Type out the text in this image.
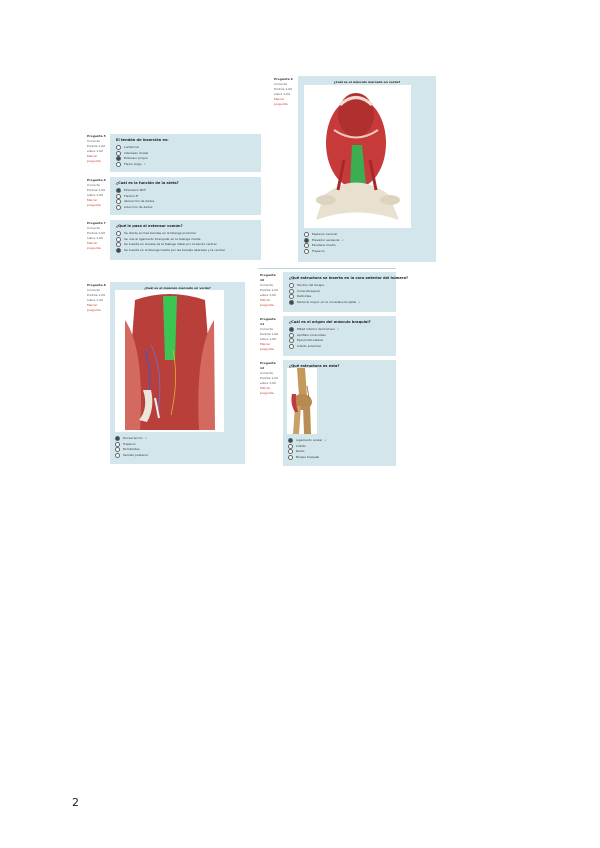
Pregunta 9
Correcta
Puntúa 1,00
sobre 1,00
Marcar
pregunta
¿Cuál es el músculo marcado en verde?
Esplenio cervical
Elevador escápula ✓
Escaleno medio
Trapecio
Pregunta 5
Correcta
Puntúa 1,00
sobre 1,00
Marcar
pregunta
El tendón de inserción es:
Lumbrical
Interóseo dorsal
Extensor propio
Flexor largo ✓
Pregunta 6
Correcta
Puntúa 1,00
sobre 1,00
Marcar
pregunta
¿Cuál es la función de la aleta?
Extensión MCF
Flexión IF
Abducción de dedos
Aducción de dedos
Pregunta 7
Correcta
Puntúa 1,00
sobre 1,00
Marcar
pregunta
¿Qué le pasa al extensor común?
Se divide en tres bandas en la falange proximal
Se une al ligamento triangular en la falange media
Se inserta en la base de la falange distal por la banda central
Se inserta en la falange media por las bandas laterales y la central
Pregunta 8
Correcta
Puntúa 1,00
sobre 1,00
Marcar
pregunta
¿Cuál es el músculo marcado en verde?
Dorsal ancho ✓
Trapecio
Romboides
Serrato posterior
Pregunta 10
Correcta
Puntúa 1,00
sobre 1,00
Marcar
pregunta
¿Qué estructura se inserta en la cara anterior del húmero?
Tendón del bíceps
Coracobraquial
Deltoides
Pectoral mayor en la corredera bicipital ✓
Pregunta 11
Correcta
Puntúa 1,00
sobre 1,00
Marcar
pregunta
¿Cuál es el origen del músculo braquial?
Mitad inferior del húmero ✓
Apófisis coracoides
Epicóndilo lateral
Cúbito proximal
Pregunta 12
Correcta
Puntúa 1,00
sobre 1,00
Marcar
pregunta
¿Qué estructura es esta?
Ligamento anular ✓
Cúbito
Radio
Bíceps braquial
2
